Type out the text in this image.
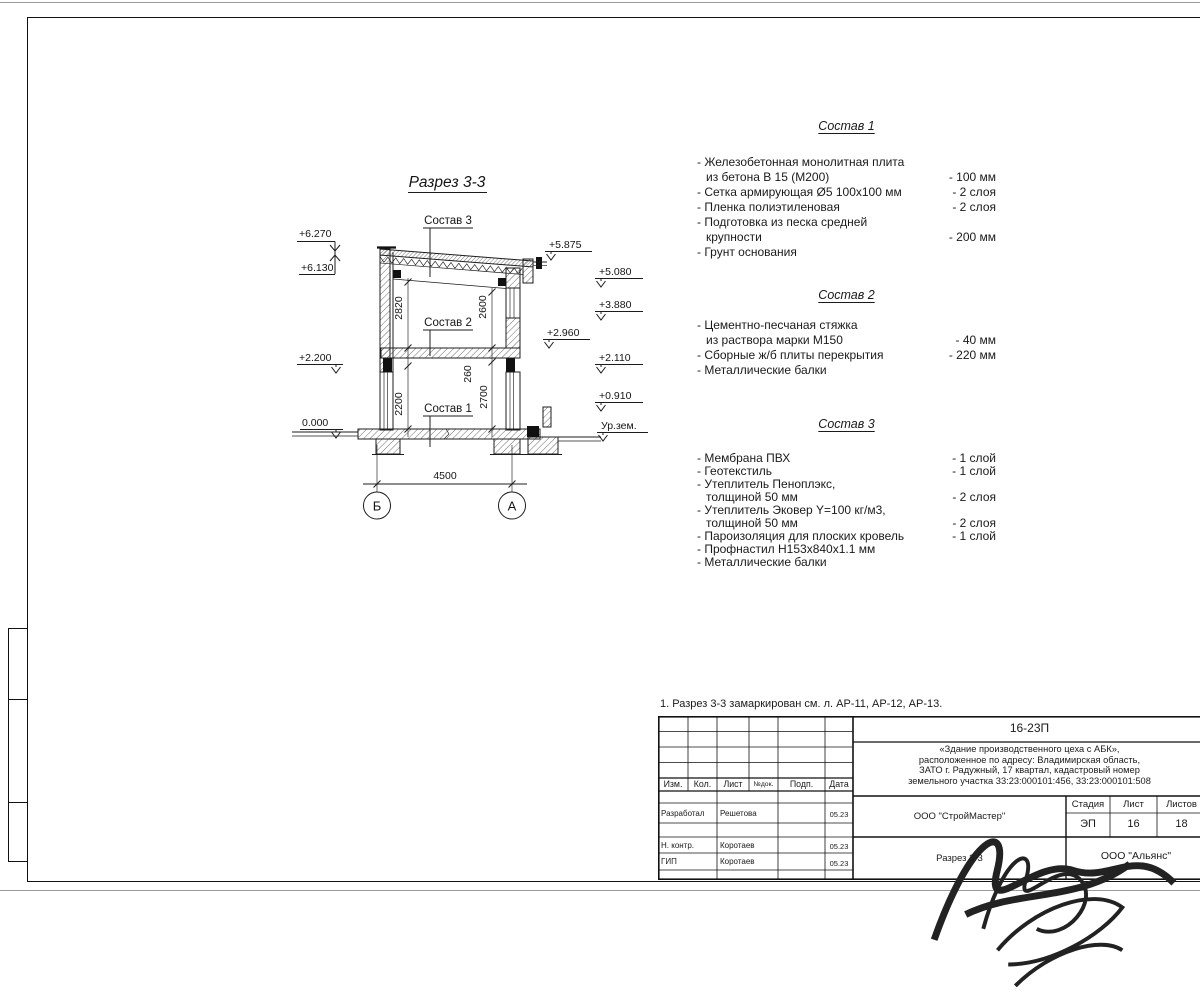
Разрез 3-3
Состав 3
Состав 2
Состав 1
2820
2200
2600
260
2700
+6.270
+6.130
+2.200
0.000
+5.875
+5.080
+3.880
+2.960
+2.110
+0.910
Ур.зем.
4500
Б	А
Состав 1
- Железобетонная монолитная плита
из бетона В 15 (М200)	- 100 мм
- Сетка армирующая Ø5 100х100 мм	- 2 слоя
- Пленка полиэтиленовая	- 2 слоя
- Подготовка из песка средней
крупности	- 200 мм
- Грунт основания
Состав 2
- Цементно-песчаная стяжка
из раствора марки М150	- 40 мм
- Сборные ж/б плиты перекрытия	- 220 мм
- Металлические балки
Состав 3
- Мембрана ПВХ	- 1 слой
- Геотекстиль	- 1 слой
- Утеплитель Пеноплэкс,
толщиной 50 мм	- 2 слоя
- Утеплитель Эковер Y=100 кг/м3,
толщиной 50 мм	- 2 слоя
- Пароизоляция для плоских кровель	- 1 слой
- Профнастил Н153х840х1.1 мм
- Металлические балки
1. Разрез 3-3 замаркирован см. л. АР-11, АР-12, АР-13.
Изм.	Кол.	Лист	№док.	Подп.	Дата
Разработал Решетова	05.23
Н. контр.	Коротаев	05.23
ГИП	Коротаев	05.23
16-23П
«Здание производственного цеха с АБК»,
расположенное по адресу: Владимирская область,
ЗАТО г. Радужный, 17 квартал, кадастровый номер
земельного участка 33:23:000101:456, 33:23:000101:508
ООО "СтройМастер"
Стадия	Лист	Листов
ЭП	16	18
Разрез 3-3	ООО "Альянс"
